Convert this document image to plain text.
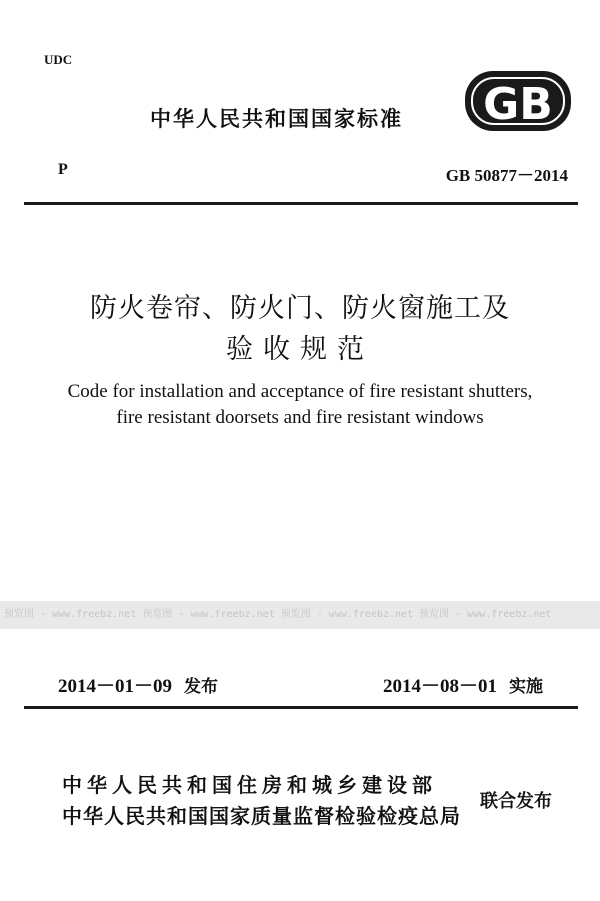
UDC
中华人民共和国国家标准 GB
P	GB 50877－2014
防火卷帘、防火门、防火窗施工及
验收规范
Code for installation and acceptance of fire resistant shutters,
fire resistant doorsets and fire resistant windows
预览图 - www.freebz.net 预览图 - www.freebz.net 预览图 - www.freebz.net 预览图 - www.freebz.net
2014－01－09 发布	2014－08－01 实施
中华人民共和国住房和城乡建设部
中华人民共和国国家质量监督检验检疫总局
联合发布
